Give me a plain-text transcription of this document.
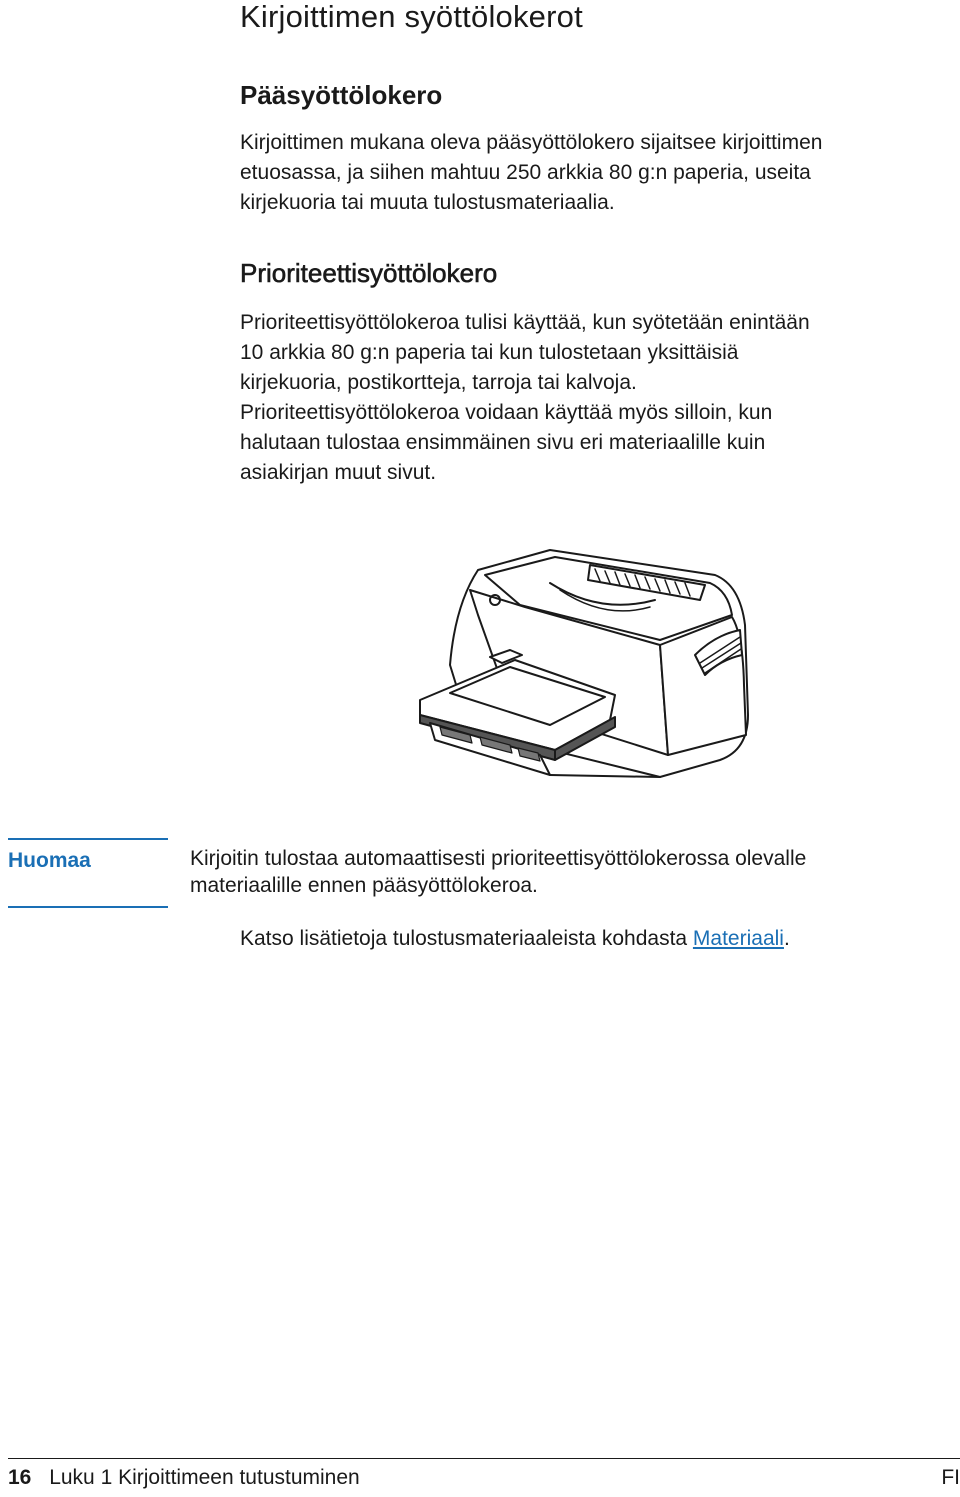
Kirjoittimen syöttölokerot
Pääsyöttölokero

Kirjoittimen mukana oleva pääsyöttölokero sijaitsee kirjoittimen
etuosassa, ja siihen mahtuu 250 arkkia 80 g:n paperia, useita
kirjekuoria tai muuta tulostusmateriaalia.

Prioriteettisyöttölokero

Prioriteettisyöttölokeroa tulisi käyttää, kun syötetään enintään
10 arkkia 80 g:n paperia tai kun tulostetaan yksittäisiä
kirjekuoria, postikortteja, tarroja tai kalvoja.
Prioriteettisyöttölokeroa voidaan käyttää myös silloin, kun
halutaan tulostaa ensimmäinen sivu eri materiaalille kuin
asiakirjan muut sivut.

Huomaa	Kirjoitin tulostaa automaattisesti prioriteettisyöttölokerossa olevalle
materiaalille ennen pääsyöttölokeroa.

Katso lisätietoja tulostusmateriaaleista kohdasta Materiaali.

16 Luku 1 Kirjoittimeen tutustuminen	FI
